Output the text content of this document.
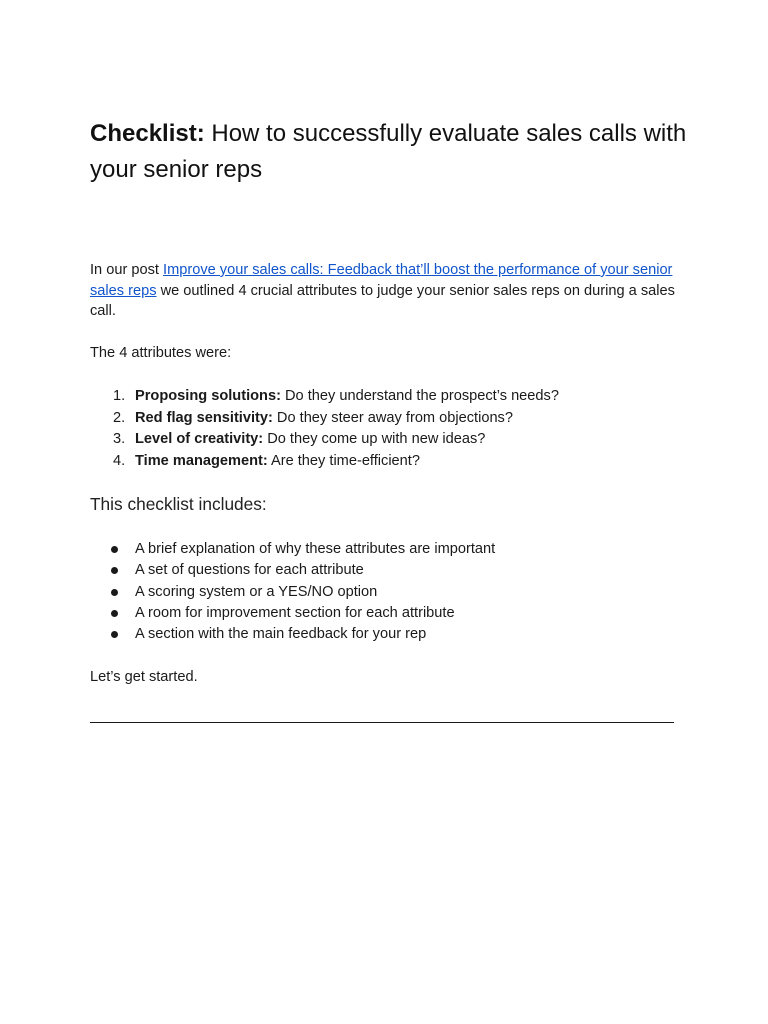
Checklist: How to successfully evaluate sales calls with your senior reps

In our post Improve your sales calls: Feedback that’ll boost the performance of your senior sales reps we outlined 4 crucial attributes to judge your senior sales reps on during a sales call.

The 4 attributes were:

1. Proposing solutions: Do they understand the prospect’s needs?
2. Red flag sensitivity: Do they steer away from objections?
3. Level of creativity: Do they come up with new ideas?
4. Time management: Are they time-efficient?
This checklist includes:
A brief explanation of why these attributes are important
A set of questions for each attribute
A scoring system or a YES/NO option
A room for improvement section for each attribute
A section with the main feedback for your rep

Let’s get started.
